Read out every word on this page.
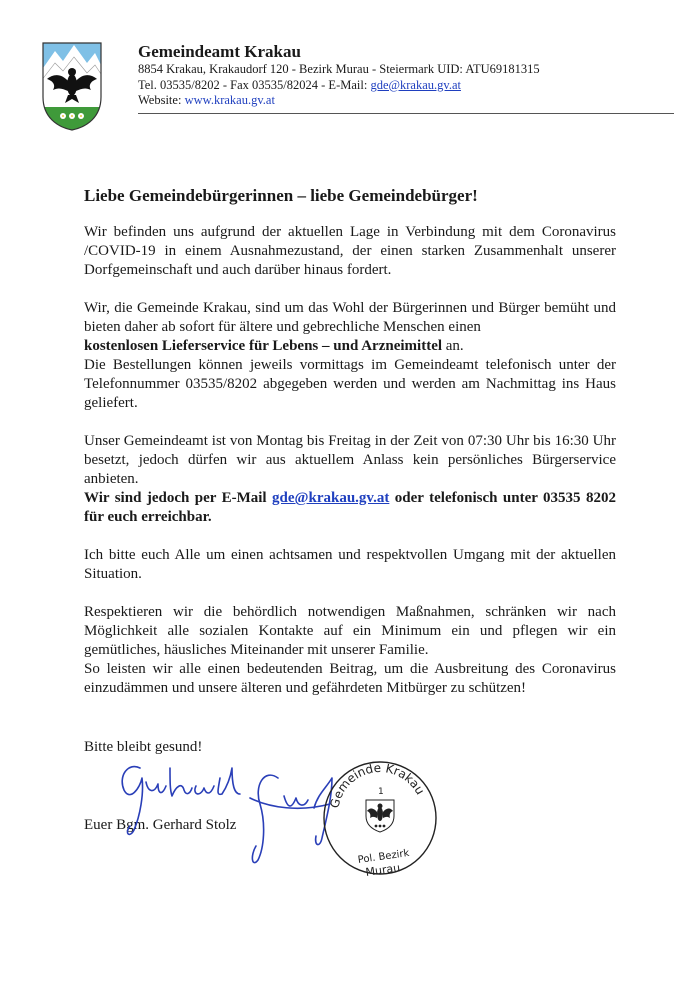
Gemeindeamt Krakau
8854 Krakau, Krakaudorf 120 - Bezirk Murau - Steiermark UID: ATU69181315
Tel. 03535/8202 - Fax 03535/82024 - E-Mail: gde@krakau.gv.at
Website: www.krakau.gv.at
Liebe Gemeindebürgerinnen – liebe Gemeindebürger!

Wir befinden uns aufgrund der aktuellen Lage in Verbindung mit dem Coronavirus /COVID-19 in einem Ausnahmezustand, der einen starken Zusammenhalt unserer Dorfgemeinschaft und auch darüber hinaus fordert.

Wir, die Gemeinde Krakau, sind um das Wohl der Bürgerinnen und Bürger bemüht und bieten daher ab sofort für ältere und gebrechliche Menschen einen
kostenlosen Lieferservice für Lebens – und Arzneimittel an.

Die Bestellungen können jeweils vormittags im Gemeindeamt telefonisch unter der Telefonnummer 03535/8202 abgegeben werden und werden am Nachmittag ins Haus geliefert.

Unser Gemeindeamt ist von Montag bis Freitag in der Zeit von 07:30 Uhr bis 16:30 Uhr besetzt, jedoch dürfen wir aus aktuellem Anlass kein persönliches Bürgerservice anbieten.

Wir sind jedoch per E-Mail gde@krakau.gv.at oder telefonisch unter 03535 8202 für euch erreichbar.

Ich bitte euch Alle um einen achtsamen und respektvollen Umgang mit der aktuellen Situation.

Respektieren wir die behördlich notwendigen Maßnahmen, schränken wir nach Möglichkeit alle sozialen Kontakte auf ein Minimum ein und pflegen wir ein gemütliches, häusliches Miteinander mit unserer Familie.

So leisten wir alle einen bedeutenden Beitrag, um die Ausbreitung des Coronavirus einzudämmen und unsere älteren und gefährdeten Mitbürger zu schützen!

Bitte bleibt gesund!
Euer Bgm. Gerhard Stolz
Gemeinde Krakau
1
Pol. Bezirk
Murau
